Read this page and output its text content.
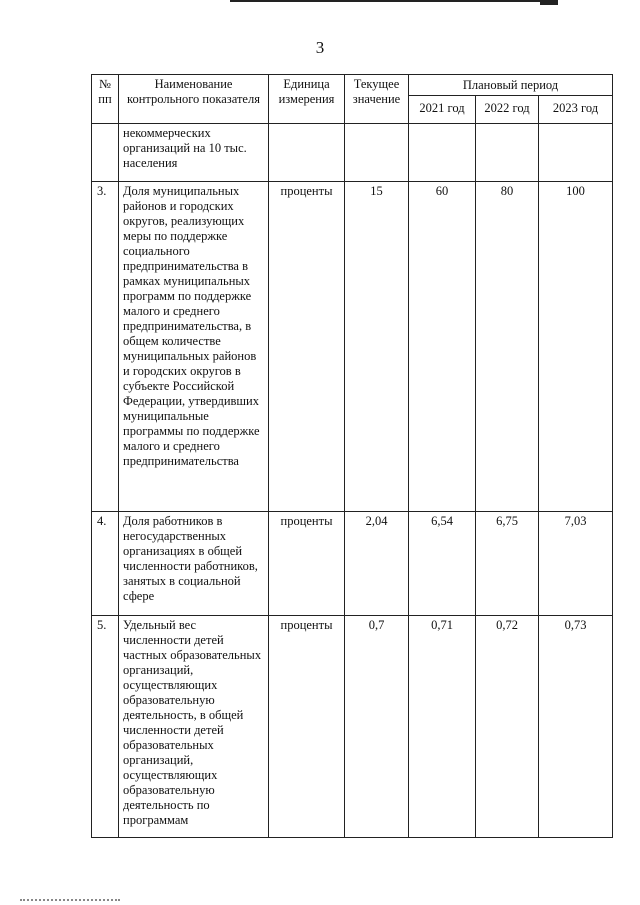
3
№ пп	Наименование контрольного показателя	Единица измерения	Текущее значение	Плановый период		
				2021 год	2022 год	2023 год
	некоммерческих организаций на 10 тыс. населения					
3.	Доля муниципальных районов и городских округов, реализующих меры по поддержке социального предпринимательства в рамках муниципальных программ по поддержке малого и среднего предпринимательства, в общем количестве муниципальных районов и городских округов в субъекте Российской Федерации, утвердивших муниципальные программы по поддержке малого и среднего предпринимательства	проценты	15	60	80	100
4.	Доля работников в негосударственных организациях в общей численности работников, занятых в социальной сфере	проценты	2,04	6,54	6,75	7,03
5.	Удельный вес численности детей частных образовательных организаций, осуществляющих образовательную деятельность, в общей численности детей образовательных организаций, осуществляющих образовательную деятельность по программам	проценты	0,7	0,71	0,72	0,73
